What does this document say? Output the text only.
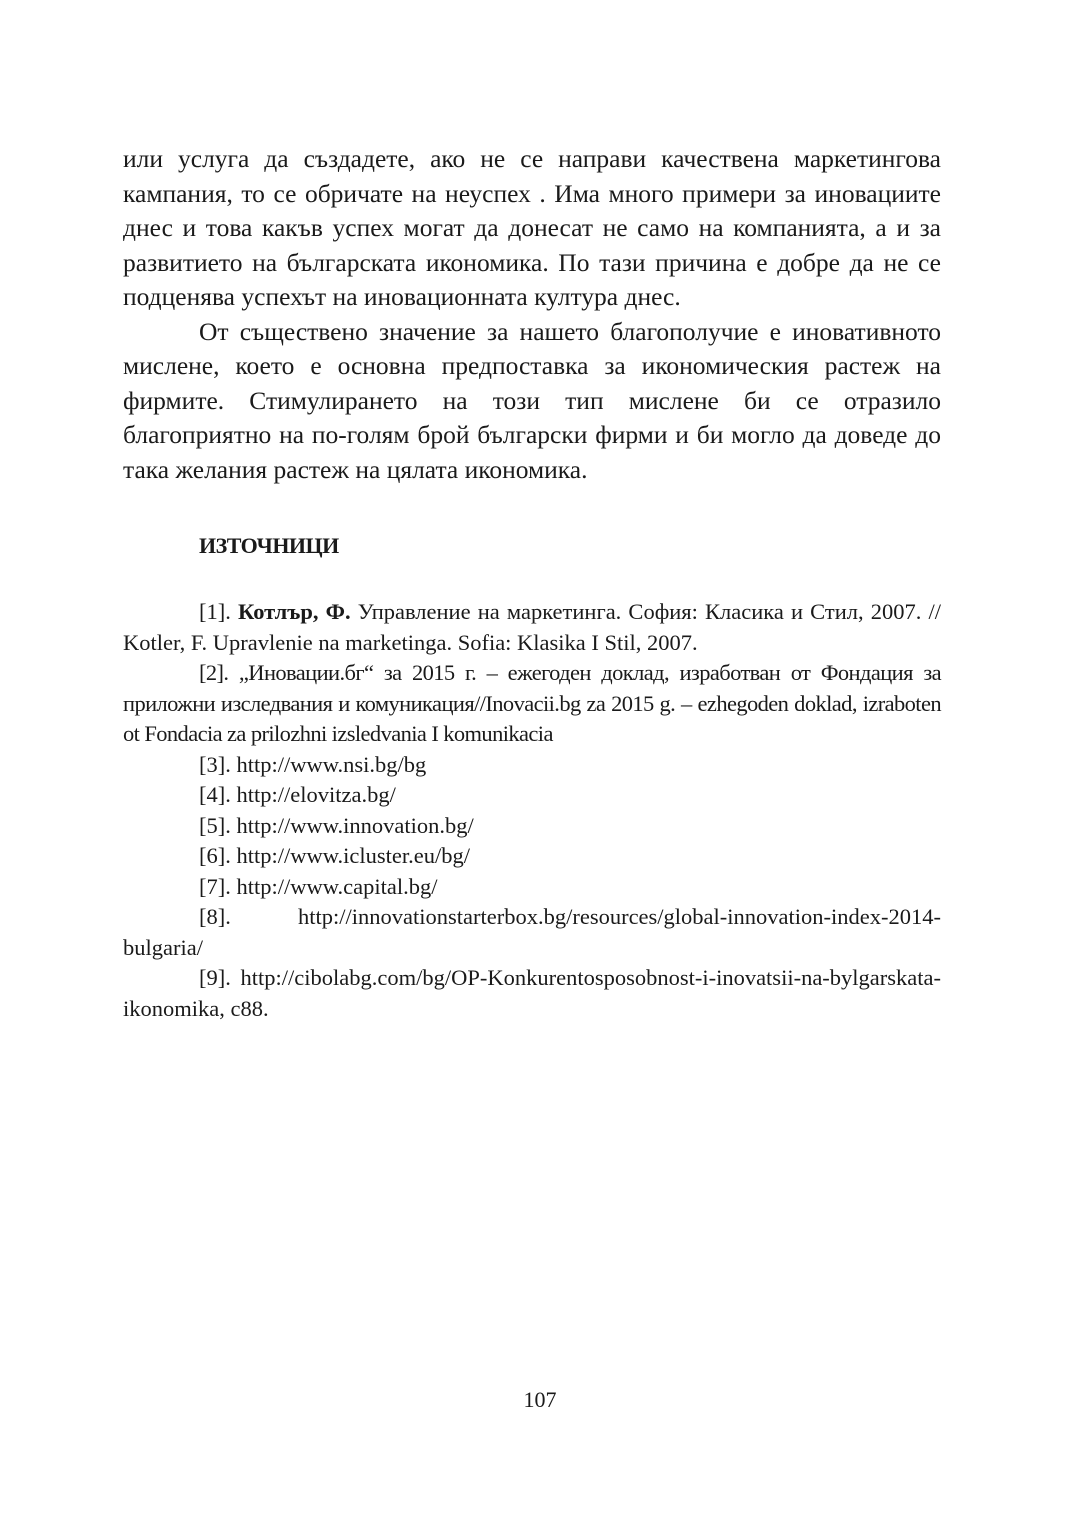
или услуга да създадете, ако не се направи качествена маркетингова кампания, то се обричате на неуспех . Има много примери за иновациите днес и това какъв успех могат да донесат не само на компанията, а и за развитието на българската икономика. По тази причина е добре да не се подценява успехът на иновационната култура днес.

От съществено значение за нашето благополучие е иновативното мислене, което е основна предпоставка за икономическия растеж на фирмите. Стимулирането на този тип мислене би се отразило благоприятно на по-голям брой български фирми и би могло да доведе до така желания растеж на цялата икономика.

ИЗТОЧНИЦИ

[1]. Котлър, Ф. Управление на маркетинга. София: Класика и Стил, 2007. // Kotler, F. Upravlenie na marketinga. Sofia: Klasika I Stil, 2007.

[2]. „Иновации.бг“ за 2015 г. – ежегоден доклад, изработван от Фондация за приложни изследвания и комуникация//Inovacii.bg za 2015 g. – ezhegoden doklad, izraboten ot Fondacia za prilozhni izsledvania I komunikacia

[3]. http://www.nsi.bg/bg

[4]. http://elovitza.bg/

[5]. http://www.innovation.bg/

[6]. http://www.icluster.eu/bg/

[7]. http://www.capital.bg/

[8]. http://innovationstarterbox.bg/resources/global-innovation-index-2014-bulgaria/

[9]. http://cibolabg.com/bg/OP-Konkurentosposobnost-i-inovatsii-na-bylgarskata-ikonomika, c88.

107
